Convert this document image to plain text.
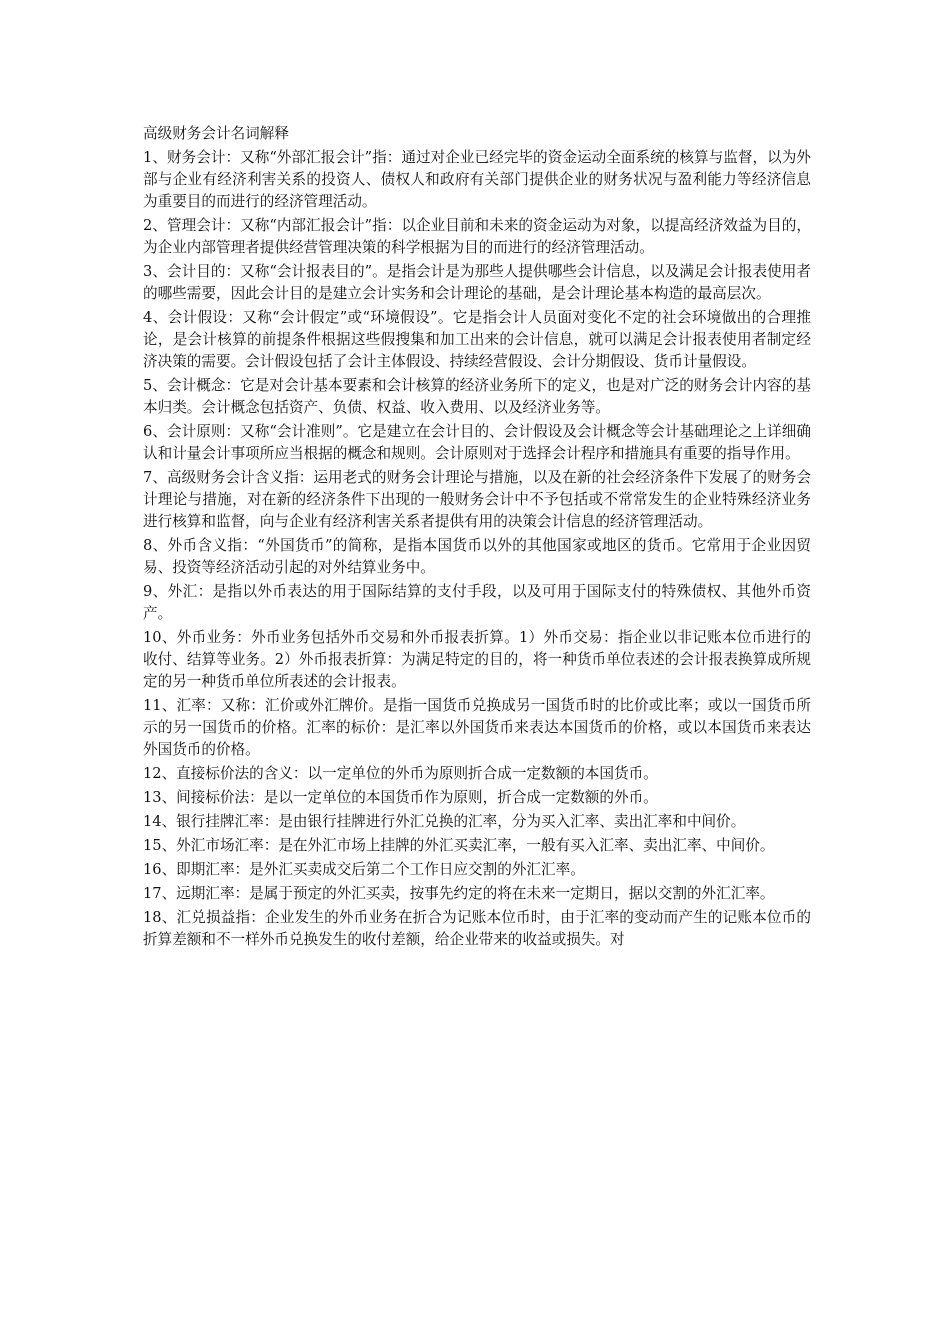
高级财务会计名词解释

1、财务会计：又称“外部汇报会计”指：通过对企业已经完毕的资金运动全面系统的核算与监督，以为外部与企业有经济利害关系的投资人、债权人和政府有关部门提供企业的财务状况与盈利能力等经济信息为重要目的而进行的经济管理活动。

2、管理会计：又称“内部汇报会计”指：以企业目前和未来的资金运动为对象，以提高经济效益为目的，为企业内部管理者提供经营管理决策的科学根据为目的而进行的经济管理活动。

3、会计目的：又称“会计报表目的”。是指会计是为那些人提供哪些会计信息，以及满足会计报表使用者的哪些需要，因此会计目的是建立会计实务和会计理论的基础，是会计理论基本构造的最高层次。

4、会计假设：又称“会计假定”或“环境假设”。它是指会计人员面对变化不定的社会环境做出的合理推论，是会计核算的前提条件根据这些假搜集和加工出来的会计信息，就可以满足会计报表使用者制定经济决策的需要。会计假设包括了会计主体假设、持续经营假设、会计分期假设、货币计量假设。

5、会计概念：它是对会计基本要素和会计核算的经济业务所下的定义，也是对广泛的财务会计内容的基本归类。会计概念包括资产、负债、权益、收入费用、以及经济业务等。

6、会计原则：又称“会计准则”。它是建立在会计目的、会计假设及会计概念等会计基础理论之上详细确认和计量会计事项所应当根据的概念和规则。会计原则对于选择会计程序和措施具有重要的指导作用。

7、高级财务会计含义指：运用老式的财务会计理论与措施，以及在新的社会经济条件下发展了的财务会计理论与措施，对在新的经济条件下出现的一般财务会计中不予包括或不常常发生的企业特殊经济业务进行核算和监督，向与企业有经济利害关系者提供有用的决策会计信息的经济管理活动。

8、外币含义指：“外国货币”的简称，是指本国货币以外的其他国家或地区的货币。它常用于企业因贸易、投资等经济活动引起的对外结算业务中。

9、外汇：是指以外币表达的用于国际结算的支付手段，以及可用于国际支付的特殊债权、其他外币资产。

10、外币业务：外币业务包括外币交易和外币报表折算。1）外币交易：指企业以非记账本位币进行的收付、结算等业务。2）外币报表折算：为满足特定的目的，将一种货币单位表述的会计报表换算成所规定的另一种货币单位所表述的会计报表。

11、汇率：又称：汇价或外汇牌价。是指一国货币兑换成另一国货币时的比价或比率；或以一国货币所示的另一国货币的价格。汇率的标价：是汇率以外国货币来表达本国货币的价格，或以本国货币来表达外国货币的价格。

12、直接标价法的含义：以一定单位的外币为原则折合成一定数额的本国货币。

13、间接标价法：是以一定单位的本国货币作为原则，折合成一定数额的外币。

14、银行挂牌汇率：是由银行挂牌进行外汇兑换的汇率，分为买入汇率、卖出汇率和中间价。

15、外汇市场汇率：是在外汇市场上挂牌的外汇买卖汇率，一般有买入汇率、卖出汇率、中间价。

16、即期汇率：是外汇买卖成交后第二个工作日应交割的外汇汇率。

17、远期汇率：是属于预定的外汇买卖，按事先约定的将在未来一定期日，据以交割的外汇汇率。

18、汇兑损益指：企业发生的外币业务在折合为记账本位币时，由于汇率的变动而产生的记账本位币的折算差额和不一样外币兑换发生的收付差额，给企业带来的收益或损失。对
